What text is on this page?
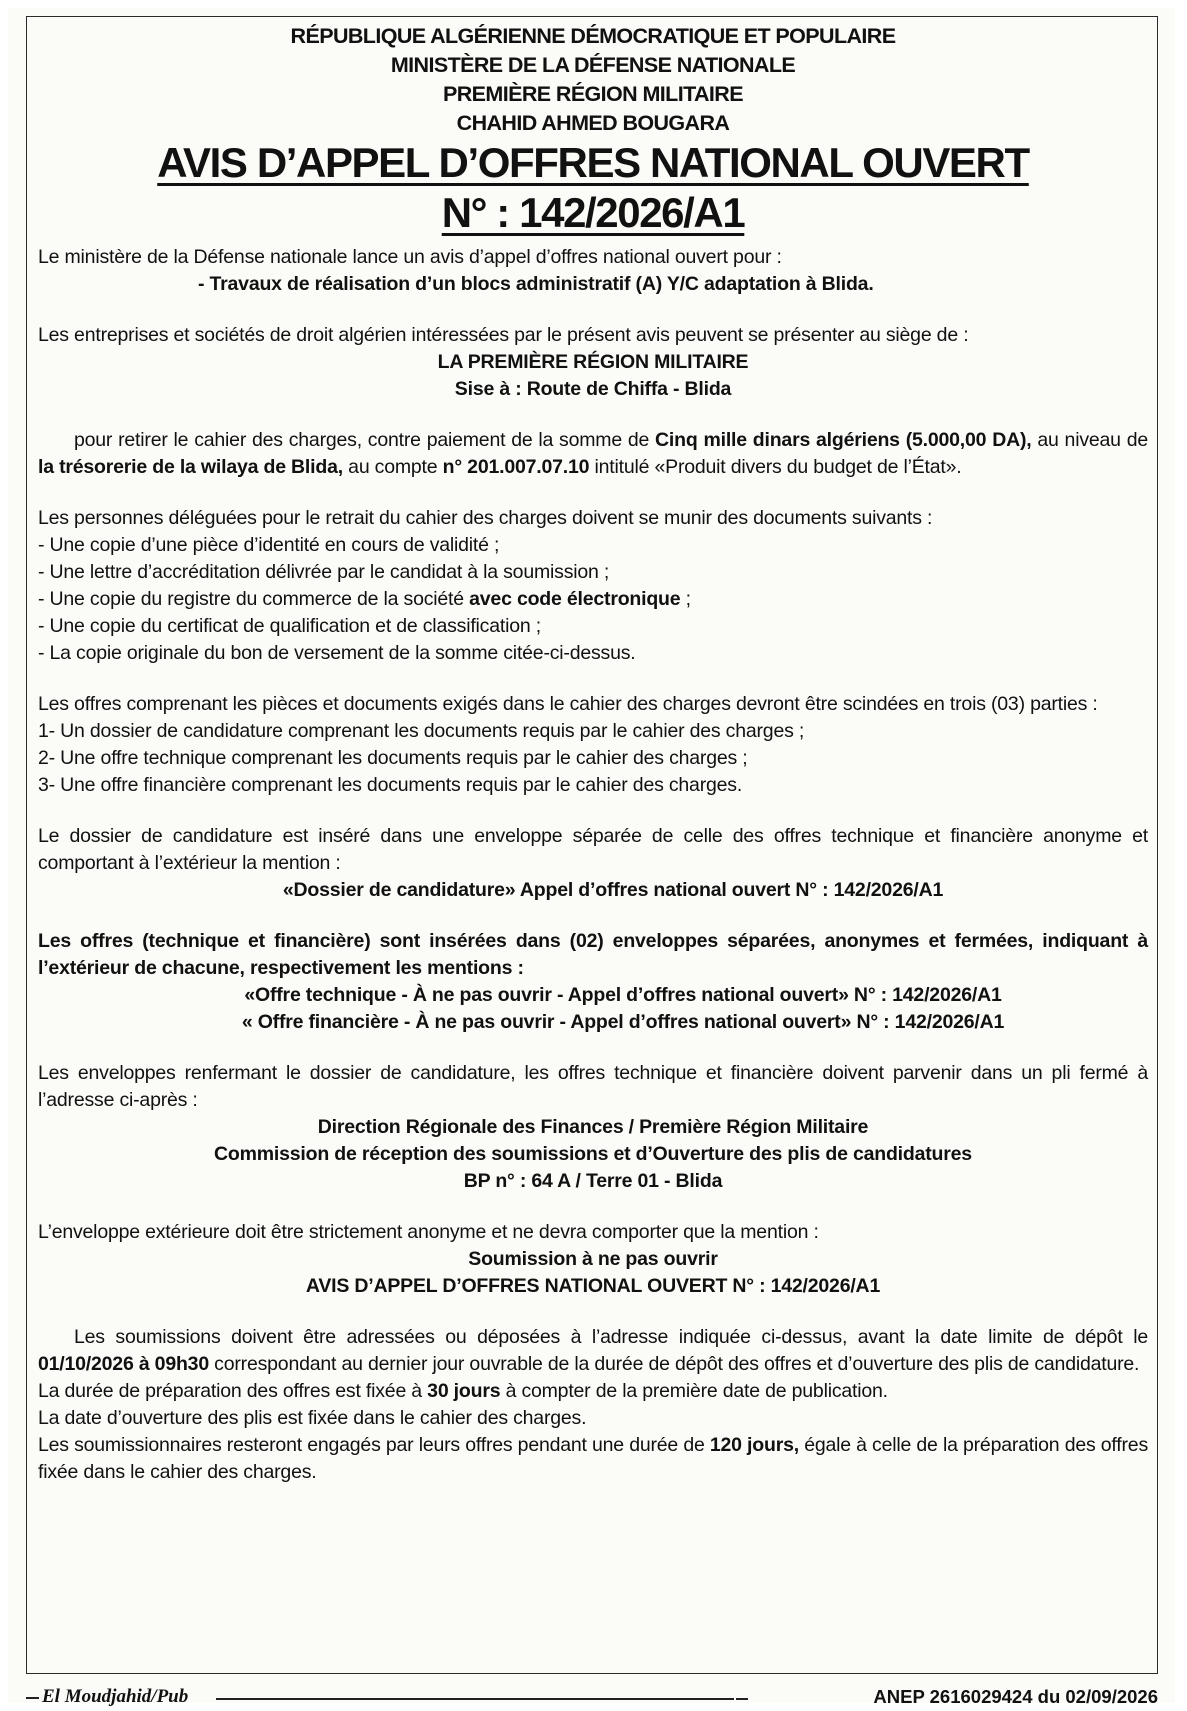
RÉPUBLIQUE ALGÉRIENNE DÉMOCRATIQUE ET POPULAIRE
MINISTÈRE DE LA DÉFENSE NATIONALE
PREMIÈRE RÉGION MILITAIRE
CHAHID AHMED BOUGARA
AVIS D’APPEL D’OFFRES NATIONAL OUVERT
N° : 142/2026/A1

Le ministère de la Défense nationale lance un avis d’appel d’offres national ouvert pour :

- Travaux de réalisation d’un blocs administratif (A) Y/C adaptation à Blida.

Les entreprises et sociétés de droit algérien intéressées par le présent avis peuvent se présenter au siège de :

LA PREMIÈRE RÉGION MILITAIRE

Sise à : Route de Chiffa - Blida

pour retirer le cahier des charges, contre paiement de la somme de Cinq mille dinars algériens (5.000,00 DA), au niveau de la trésorerie de la wilaya de Blida, au compte n° 201.007.07.10 intitulé «Produit divers du budget de l’État».

Les personnes déléguées pour le retrait du cahier des charges doivent se munir des documents suivants :

- Une copie d’une pièce d’identité en cours de validité ;

- Une lettre d’accréditation délivrée par le candidat à la soumission ;

- Une copie du registre du commerce de la société avec code électronique ;

- Une copie du certificat de qualification et de classification ;

- La copie originale du bon de versement de la somme citée-ci-dessus.

Les offres comprenant les pièces et documents exigés dans le cahier des charges devront être scindées en trois (03) parties :

1- Un dossier de candidature comprenant les documents requis par le cahier des charges ;

2- Une offre technique comprenant les documents requis par le cahier des charges ;

3- Une offre financière comprenant les documents requis par le cahier des charges.

Le dossier de candidature est inséré dans une enveloppe séparée de celle des offres technique et financière anonyme et comportant à l’extérieur la mention :

«Dossier de candidature» Appel d’offres national ouvert N° : 142/2026/A1

Les offres (technique et financière) sont insérées dans (02) enveloppes séparées, anonymes et fermées, indiquant à l’extérieur de chacune, respectivement les mentions :

«Offre technique - À ne pas ouvrir - Appel d’offres national ouvert» N° : 142/2026/A1

« Offre financière - À ne pas ouvrir - Appel d’offres national ouvert» N° : 142/2026/A1

Les enveloppes renfermant le dossier de candidature, les offres technique et financière doivent parvenir dans un pli fermé à l’adresse ci-après :

Direction Régionale des Finances / Première Région Militaire

Commission de réception des soumissions et d’Ouverture des plis de candidatures

BP n° : 64 A / Terre 01 - Blida

L’enveloppe extérieure doit être strictement anonyme et ne devra comporter que la mention :

Soumission à ne pas ouvrir

AVIS D’APPEL D’OFFRES NATIONAL OUVERT N° : 142/2026/A1

Les soumissions doivent être adressées ou déposées à l’adresse indiquée ci-dessus, avant la date limite de dépôt le 01/10/2026 à 09h30 correspondant au dernier jour ouvrable de la durée de dépôt des offres et d’ouverture des plis de candidature.

La durée de préparation des offres est fixée à 30 jours à compter de la première date de publication.

La date d’ouverture des plis est fixée dans le cahier des charges.

Les soumissionnaires resteront engagés par leurs offres pendant une durée de 120 jours, égale à celle de la préparation des offres fixée dans le cahier des charges.

El Moudjahid/Pub	ANEP 2616029424 du 02/09/2026
